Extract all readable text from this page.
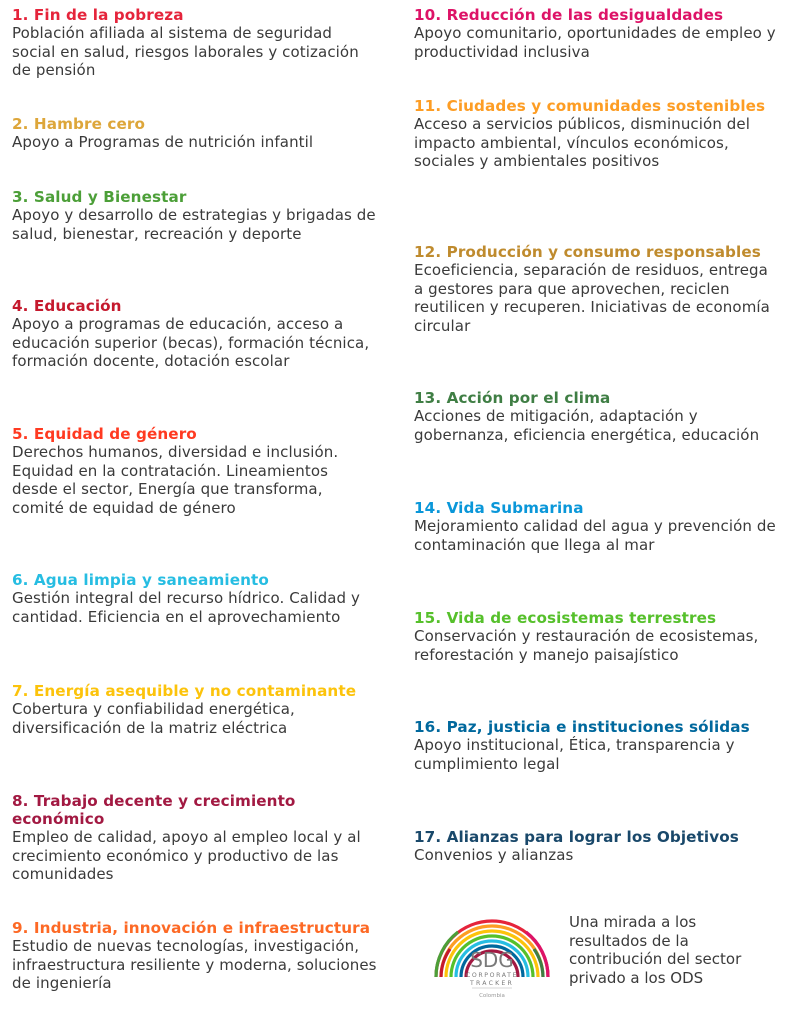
1. Fin de la pobreza

Población afiliada al sistema de seguridad social en salud, riesgos laborales y cotización de pensión

2. Hambre cero

Apoyo a Programas de nutrición infantil

3. Salud y Bienestar

Apoyo y desarrollo de estrategias y brigadas de salud, bienestar, recreación y deporte

4. Educación

Apoyo a programas de educación, acceso a educación superior (becas), formación técnica, formación docente, dotación escolar

5. Equidad de género

Derechos humanos, diversidad e inclusión. Equidad en la contratación. Lineamientos desde el sector, Energía que transforma, comité de equidad de género

6. Agua limpia y saneamiento

Gestión integral del recurso hídrico. Calidad y cantidad. Eficiencia en el aprovechamiento

7. Energía asequible y no contaminante

Cobertura y confiabilidad energética, diversificación de la matriz eléctrica

8. Trabajo decente y crecimiento económico

Empleo de calidad, apoyo al empleo local y al crecimiento económico y productivo de las comunidades

9. Industria, innovación e infraestructura

Estudio de nuevas tecnologías, investigación, infraestructura resiliente y moderna, soluciones de ingeniería

10. Reducción de las desigualdades

Apoyo comunitario, oportunidades de empleo y productividad inclusiva

11. Ciudades y comunidades sostenibles

Acceso a servicios públicos, disminución del impacto ambiental, vínculos económicos, sociales y ambientales positivos

12. Producción y consumo responsables

Ecoeficiencia, separación de residuos, entrega a gestores para que aprovechen, reciclen reutilicen y recuperen. Iniciativas de economía circular

13. Acción por el clima

Acciones de mitigación, adaptación y gobernanza, eficiencia energética, educación

14. Vida Submarina

Mejoramiento calidad del agua y prevención de contaminación que llega al mar

15. Vida de ecosistemas terrestres

Conservación y restauración de ecosistemas, reforestación y manejo paisajístico

16. Paz, justicia e instituciones sólidas

Apoyo institucional, Ética, transparencia y cumplimiento legal

17. Alianzas para lograr los Objetivos

Convenios y alianzas

SDG
CORPORATE
TRACKER
Colombia

Una mirada a los resultados de la contribución del sector privado a los ODS
